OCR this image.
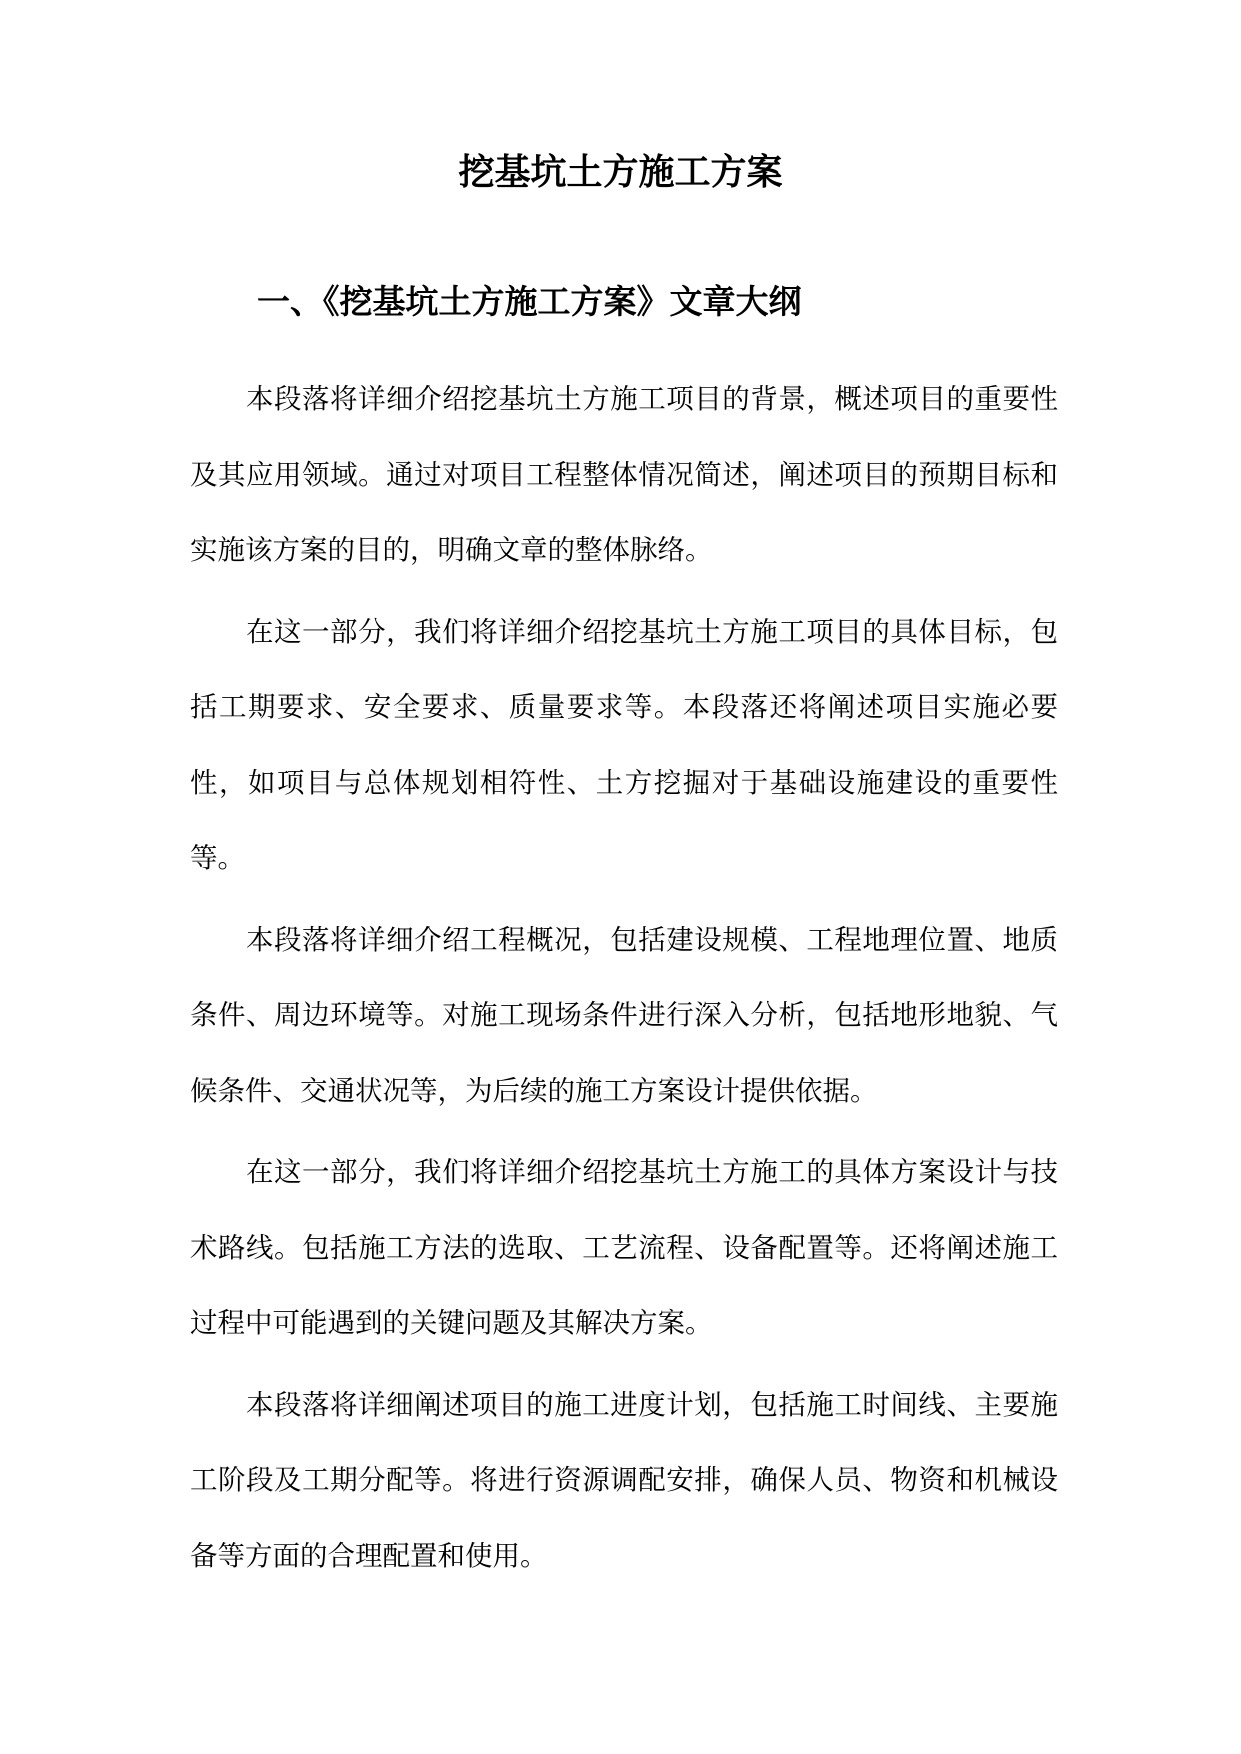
挖基坑土方施工方案
一、《挖基坑土方施工方案》文章大纲

本段落将详细介绍挖基坑土方施工项目的背景，概述项目的重要性及其应用领域。通过对项目工程整体情况简述，阐述项目的预期目标和实施该方案的目的，明确文章的整体脉络。

在这一部分，我们将详细介绍挖基坑土方施工项目的具体目标，包括工期要求、安全要求、质量要求等。本段落还将阐述项目实施必要性，如项目与总体规划相符性、土方挖掘对于基础设施建设的重要性等。

本段落将详细介绍工程概况，包括建设规模、工程地理位置、地质条件、周边环境等。对施工现场条件进行深入分析，包括地形地貌、气候条件、交通状况等，为后续的施工方案设计提供依据。

在这一部分，我们将详细介绍挖基坑土方施工的具体方案设计与技术路线。包括施工方法的选取、工艺流程、设备配置等。还将阐述施工过程中可能遇到的关键问题及其解决方案。

本段落将详细阐述项目的施工进度计划，包括施工时间线、主要施工阶段及工期分配等。将进行资源调配安排，确保人员、物资和机械设备等方面的合理配置和使用。
